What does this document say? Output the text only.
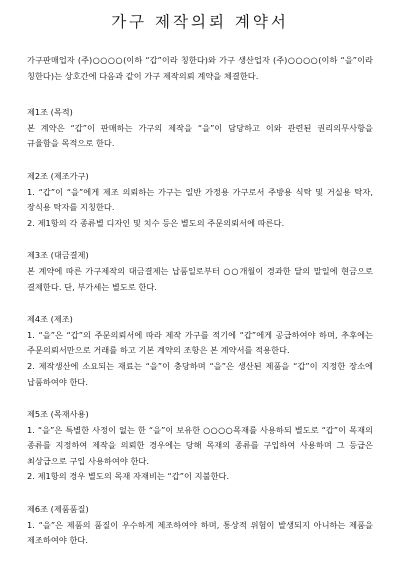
가구 제작의뢰 계약서

가구판매업자 (주)○○○○(이하 “갑”이라 칭한다)와 가구 생산업자 (주)○○○○(이하 “을”이라 칭한다)는 상호간에 다음과 같이 가구 제작의뢰 계약을 체결한다.

제1조 (목적)

본 계약은 “갑”이 판매하는 가구의 제작을 “을”이 담당하고 이와 관련된 권리의무사항을 규율함을 목적으로 한다.

제2조 (제조가구)

1. “갑”이 “을”에게 제조 의뢰하는 가구는 일반 가정용 가구로서 주방용 식탁 및 거실용 탁자, 장식용 탁자를 지칭한다.

2. 제1항의 각 종류별 디자인 및 치수 등은 별도의 주문의뢰서에 따른다.

제3조 (대금결제)

본 계약에 따른 가구제작의 대금결제는 납품일로부터 ○○개월이 경과한 달의 말일에 현금으로 결제한다. 단, 부가세는 별도로 한다.

제4조 (제조)

1. “을”은 “갑”의 주문의뢰서에 따라 제작 가구를 적기에 “갑”에게 공급하여야 하며, 추후에는 주문의뢰서만으로 거래를 하고 기본 계약의 조항은 본 계약서를 적용한다.

2. 제작생산에 소요되는 재료는 “을”이 충당하며 “을”은 생산된 제품을 “갑”이 지정한 장소에 납품하여야 한다.

제5조 (목재사용)

1. “을”은 특별한 사정이 없는 한 “을”이 보유한 ○○○○목재를 사용하되 별도로 “갑”이 목재의 종류를 지정하여 제작을 의뢰한 경우에는 당해 목재의 종류를 구입하여 사용하며 그 등급은 최상급으로 구입 사용하여야 한다.

2. 제1항의 경우 별도의 목재 자재비는 “갑”이 지불한다.

제6조 (제품품질)

1. “을”은 제품의 품질이 우수하게 제조하여야 하며, 통상적 위험이 발생되지 아니하는 제품을 제조하여야 한다.
